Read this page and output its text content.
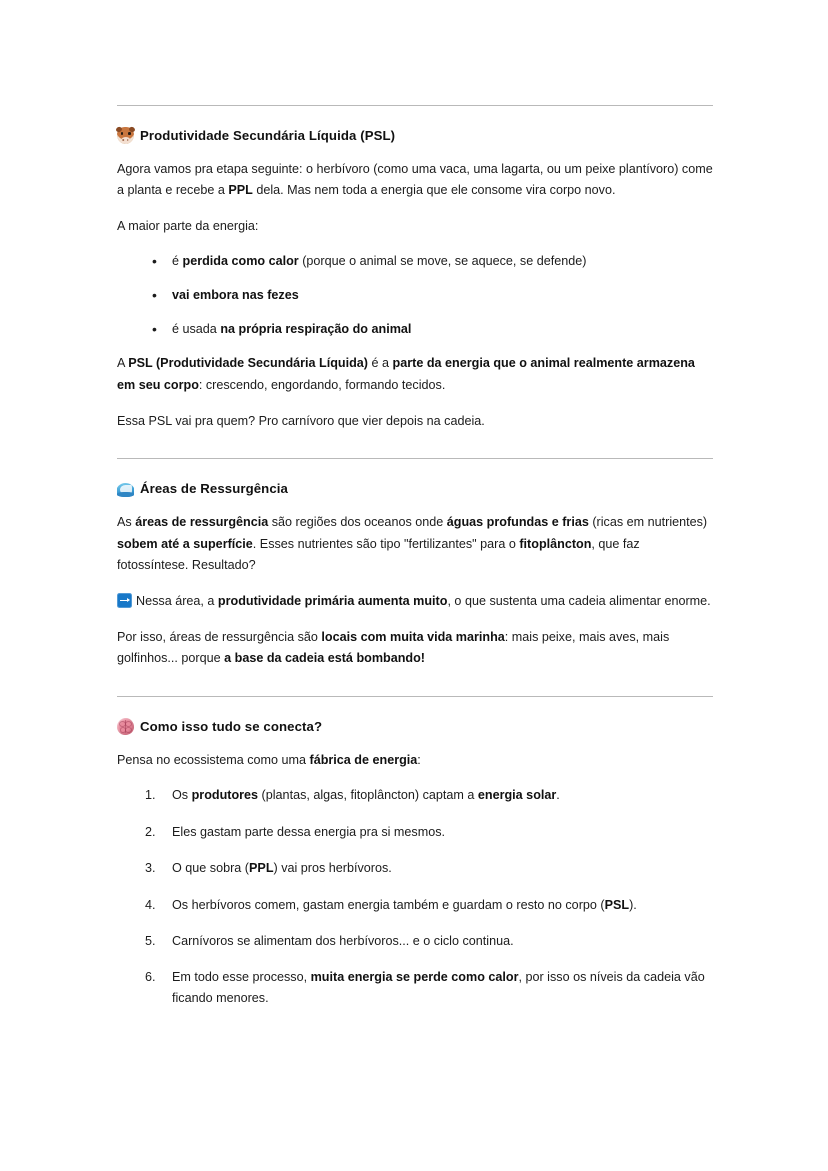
Produtividade Secundária Líquida (PSL)

Agora vamos pra etapa seguinte: o herbívoro (como uma vaca, uma lagarta, ou um peixe plantívoro) come a planta e recebe a PPL dela. Mas nem toda a energia que ele consome vira corpo novo.

A maior parte da energia:

• é perdida como calor (porque o animal se move, se aquece, se defende)
• vai embora nas fezes
• é usada na própria respiração do animal

A PSL (Produtividade Secundária Líquida) é a parte da energia que o animal realmente armazena em seu corpo: crescendo, engordando, formando tecidos.

Essa PSL vai pra quem? Pro carnívoro que vier depois na cadeia.

Áreas de Ressurgência

As áreas de ressurgência são regiões dos oceanos onde águas profundas e frias (ricas em nutrientes) sobem até a superfície. Esses nutrientes são tipo "fertilizantes" para o fitoplâncton, que faz fotossíntese. Resultado?

Nessa área, a produtividade primária aumenta muito, o que sustenta uma cadeia alimentar enorme.

Por isso, áreas de ressurgência são locais com muita vida marinha: mais peixe, mais aves, mais golfinhos... porque a base da cadeia está bombando!

Como isso tudo se conecta?

Pensa no ecossistema como uma fábrica de energia:

Os produtores (plantas, algas, fitoplâncton) captam a energia solar.
Eles gastam parte dessa energia pra si mesmos.
O que sobra (PPL) vai pros herbívoros.
Os herbívoros comem, gastam energia também e guardam o resto no corpo (PSL).
Carnívoros se alimentam dos herbívoros... e o ciclo continua.
Em todo esse processo, muita energia se perde como calor, por isso os níveis da cadeia vão ficando menores.
